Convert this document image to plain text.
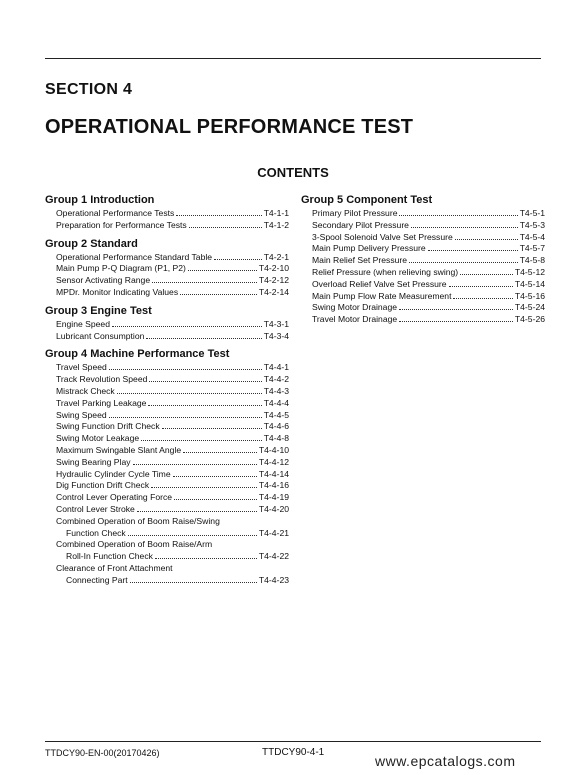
SECTION 4
OPERATIONAL PERFORMANCE TEST
CONTENTS
Group 1 Introduction
Operational Performance Tests	T4-1-1
Preparation for Performance Tests	T4-1-2
Group 2 Standard
Operational Performance Standard Table	T4-2-1
Main Pump P-Q Diagram (P1, P2)	T4-2-10
Sensor Activating Range	T4-2-12
MPDr. Monitor Indicating Values	T4-2-14
Group 3 Engine Test
Engine Speed	T4-3-1
Lubricant Consumption	T4-3-4
Group 4 Machine Performance Test
Travel Speed	T4-4-1
Track Revolution Speed	T4-4-2
Mistrack Check	T4-4-3
Travel Parking Leakage	T4-4-4
Swing Speed	T4-4-5
Swing Function Drift Check	T4-4-6
Swing Motor Leakage	T4-4-8
Maximum Swingable Slant Angle	T4-4-10
Swing Bearing Play	T4-4-12
Hydraulic Cylinder Cycle Time	T4-4-14
Dig Function Drift Check	T4-4-16
Control Lever Operating Force	T4-4-19
Control Lever Stroke	T4-4-20
Combined Operation of Boom Raise/Swing
Function Check	T4-4-21
Combined Operation of Boom Raise/Arm
Roll-In Function Check	T4-4-22
Clearance of Front Attachment
Connecting Part	T4-4-23
Group 5 Component Test
Primary Pilot Pressure	T4-5-1
Secondary Pilot Pressure	T4-5-3
3-Spool Solenoid Valve Set Pressure	T4-5-4
Main Pump Delivery Pressure	T4-5-7
Main Relief Set Pressure	T4-5-8
Relief Pressure (when relieving swing)	T4-5-12
Overload Relief Valve Set Pressure	T4-5-14
Main Pump Flow Rate Measurement	T4-5-16
Swing Motor Drainage	T4-5-24
Travel Motor Drainage	T4-5-26
TTDCY90-EN-00(20170426)	TTDCY90-4-1
www.epcatalogs.com
